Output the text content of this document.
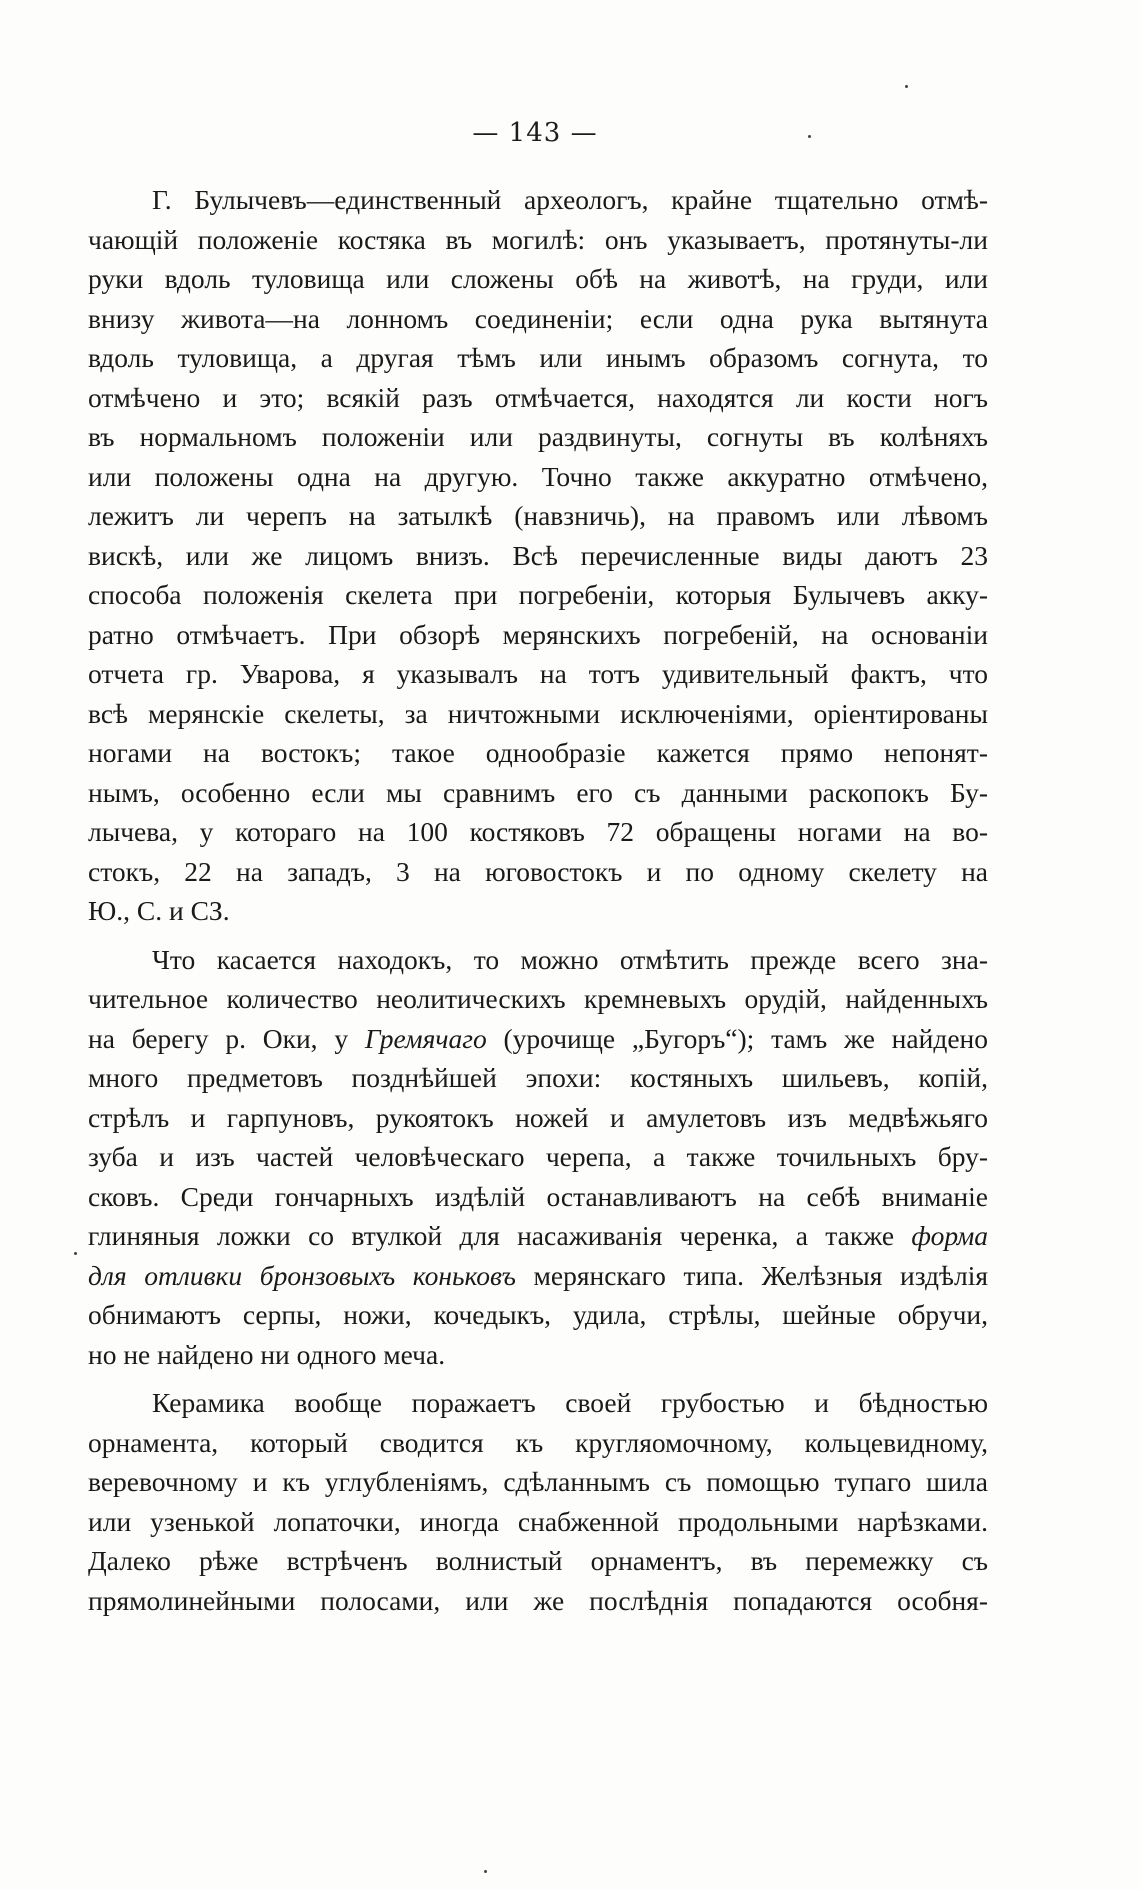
— 143 —
Г. Булычевъ—единственный археологъ, крайне тщательно отмѣ-
чающій положеніе костяка въ могилѣ: онъ указываетъ, протянуты-ли
руки вдоль туловища или сложены обѣ на животѣ, на груди, или
внизу живота—на лонномъ соединеніи; если одна рука вытянута
вдоль туловища, а другая тѣмъ или инымъ образомъ согнута, то
отмѣчено и это; всякій разъ отмѣчается, находятся ли кости ногъ
въ нормальномъ положеніи или раздвинуты, согнуты въ колѣняхъ
или положены одна на другую. Точно также аккуратно отмѣчено,
лежитъ ли черепъ на затылкѣ (навзничь), на правомъ или лѣвомъ
вискѣ, или же лицомъ внизъ. Всѣ перечисленные виды даютъ 23
способа положенія скелета при погребеніи, которыя Булычевъ акку-
ратно отмѣчаетъ. При обзорѣ мерянскихъ погребеній, на основаніи
отчета гр. Уварова, я указывалъ на тотъ удивительный фактъ, что
всѣ мерянскіе скелеты, за ничтожными исключеніями, оріентированы
ногами на востокъ; такое однообразіе кажется прямо непонят-
нымъ, особенно если мы сравнимъ его съ данными раскопокъ Бу-
лычева, у котораго на 100 костяковъ 72 обращены ногами на во-
стокъ, 22 на западъ, 3 на юговостокъ и по одному скелету на
Ю., С. и СЗ.
Что касается находокъ, то можно отмѣтить прежде всего зна-
чительное количество неолитическихъ кремневыхъ орудій, найденныхъ
на берегу р. Оки, у Гремячаго (урочище „Бугоръ“); тамъ же найдено
много предметовъ позднѣйшей эпохи: костяныхъ шильевъ, копій,
стрѣлъ и гарпуновъ, рукоятокъ ножей и амулетовъ изъ медвѣжьяго
зуба и изъ частей человѣческаго черепа, а также точильныхъ бру-
сковъ. Среди гончарныхъ издѣлій останавливаютъ на себѣ вниманіе
глиняныя ложки со втулкой для насаживанія черенка, а также форма
для отливки бронзовыхъ коньковъ мерянскаго типа. Желѣзныя издѣлія
обнимаютъ серпы, ножи, кочедыкъ, удила, стрѣлы, шейные обручи,
но не найдено ни одного меча.
Керамика вообще поражаетъ своей грубостью и бѣдностью
орнамента, который сводится къ кругляомочному, кольцевидному,
веревочному и къ углубленіямъ, сдѣланнымъ съ помощью тупаго шила
или узенькой лопаточки, иногда снабженной продольными нарѣзками.
Далеко рѣже встрѣченъ волнистый орнаментъ, въ перемежку съ
прямолинейными полосами, или же послѣднія попадаются особня-
